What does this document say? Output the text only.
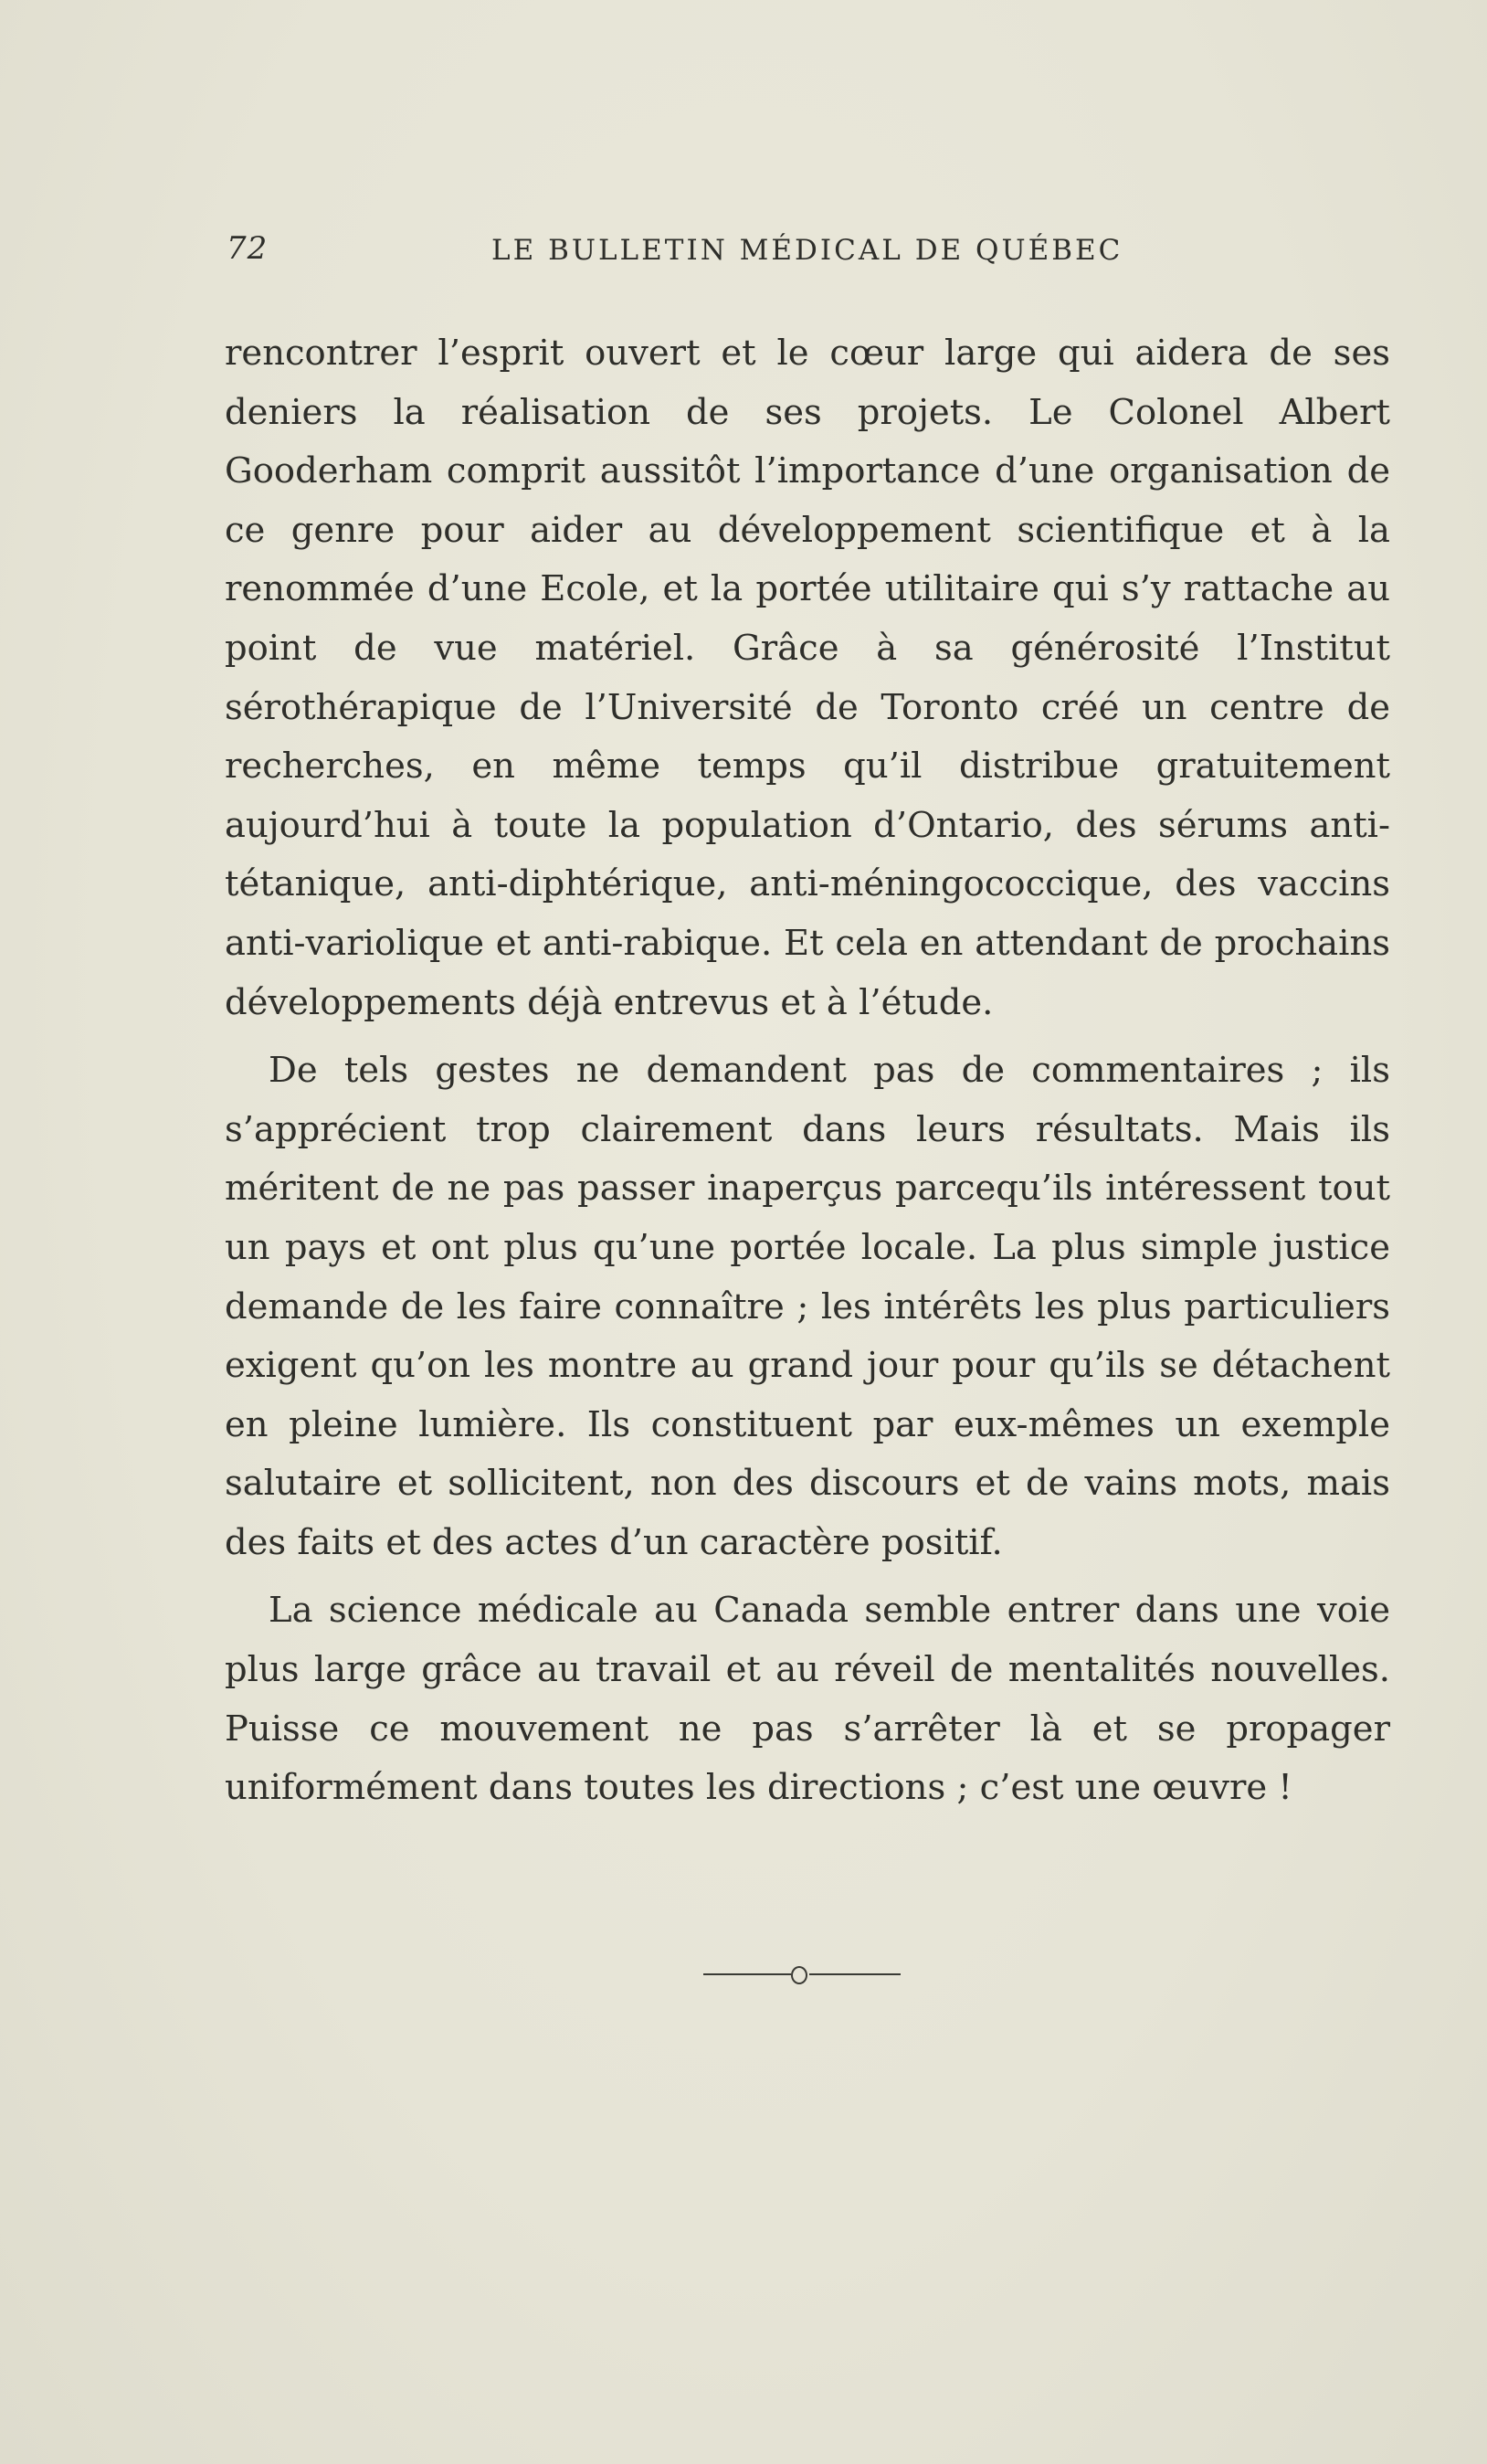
72	LE BULLETIN MÉDICAL DE QUÉBEC

rencontrer l’esprit ouvert et le cœur large qui aidera de ses deniers la réalisation de ses projets. Le Colonel Albert Gooderham comprit aussitôt l’importance d’une organisation de ce genre pour aider au développement scientifique et à la renommée d’une Ecole, et la portée utilitaire qui s’y rattache au point de vue matériel. Grâce à sa générosité l’Institut sérothérapique de l’Université de Toronto créé un centre de recherches, en même temps qu’il distribue gratuitement aujourd’hui à toute la population d’Ontario, des sérums anti-tétanique, anti-diphtérique, anti-méningococcique, des vaccins anti-variolique et anti-rabique. Et cela en attendant de prochains développements déjà entrevus et à l’étude.

De tels gestes ne demandent pas de commentaires ; ils s’apprécient trop clairement dans leurs résultats. Mais ils méritent de ne pas passer inaperçus parcequ’ils intéressent tout un pays et ont plus qu’une portée locale. La plus simple justice demande de les faire connaître ; les intérêts les plus particuliers exigent qu’on les montre au grand jour pour qu’ils se détachent en pleine lumière. Ils constituent par eux-mêmes un exemple salutaire et sollicitent, non des discours et de vains mots, mais des faits et des actes d’un caractère positif.

La science médicale au Canada semble entrer dans une voie plus large grâce au travail et au réveil de mentalités nouvelles. Puisse ce mouvement ne pas s’arrêter là et se propager uniformément dans toutes les directions ; c’est une œuvre !
